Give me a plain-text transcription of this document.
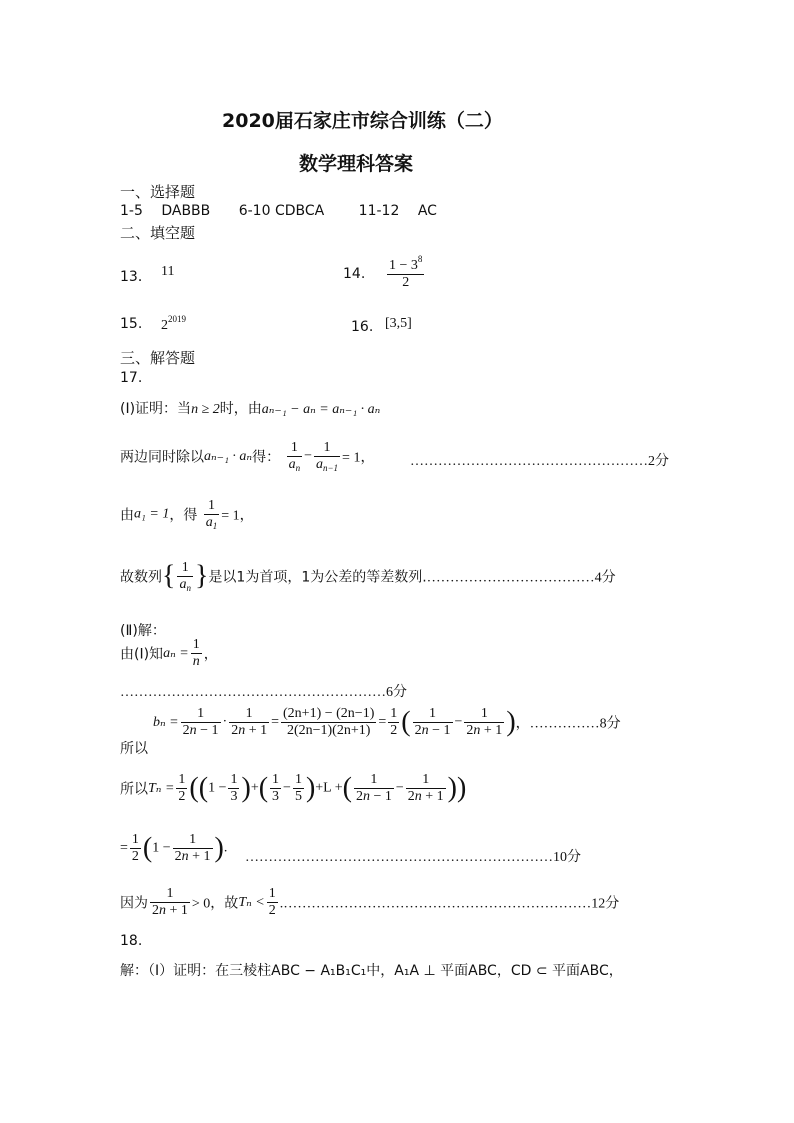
2020届石家庄市综合训练（二）
数学理科答案
一、选择题
1-5 DABBB 6-10 CDBCA 11-12 AC
二、填空题
13． 11	14. $\frac{1 - 3^8}{2}$
15. $2^{2019}$	16. [3,5]
三、解答题
17.
(Ⅰ)证明：当n ≥ 2时，由aₙ₋₁ − aₙ = aₙ₋₁ · aₙ
两边同时除以aₙ₋₁ · aₙ得： $\frac{1}{a_n} - \frac{1}{a_{n-1}} = 1$，	……………………………………………2分
由a₁ = 1，得 $\frac{1}{a_1} = 1$，
故数列{ $\frac{1}{a_n}$ }是以1为首项，1为公差的等差数列.………………………………4分
(Ⅱ)解：
由(Ⅰ)知$a_n = \frac{1}{n}$ ，
…………………………………………………6分
$b_n = \frac{1}{2n - 1} \cdot \frac{1}{2n + 1} = \frac{(2n+1) - (2n-1)}{2(2n-1)(2n+1)} = \frac{1}{2}$ ( $\frac{1}{2n - 1} - \frac{1}{2n + 1}$ )，……………8分
所以
所以$T_n = \frac{1}{2} ((1 - \frac{1}{3}$ )+( $\frac{1}{3} - \frac{1}{5} )+L$ +( $\frac{1}{2n - 1} - \frac{1}{2n + 1}$ ))
= $\frac{1}{2} (1 - \frac{1}{2n + 1}$ ).
…………………………………………………………10分
因为 $\frac{1}{2n + 1} > 0$，故$T_n < \frac{1}{2}$ .…………………………………………………………12分
18.
解：（Ⅰ）证明：在三棱柱ABC − A₁B₁C₁中，A₁A ⊥ 平面ABC，CD ⊂ 平面ABC，
